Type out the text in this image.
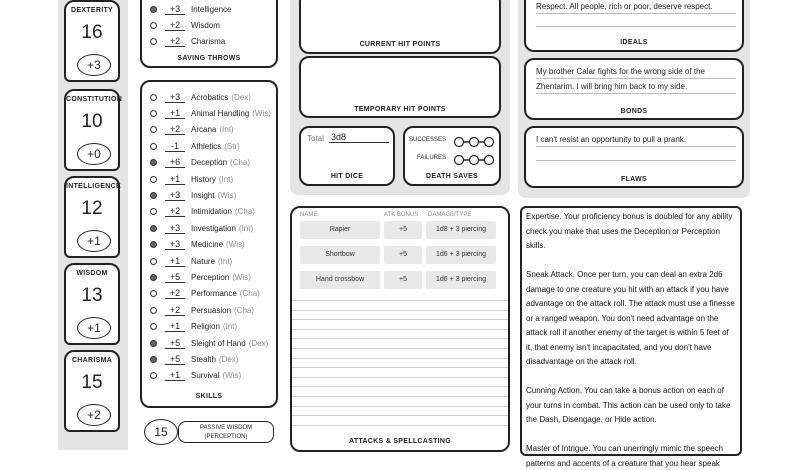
DEXTERITY
16
+3
CONSTITUTION
10
+0
INTELLIGENCE
12
+1
WISDOM
13
+1
CHARISMA
15
+2
+3	Intelligence
+2	Wisdom
+2	Charisma
SAVING THROWS
+3	Acrobatics (Dex)
+1	Animal Handling (Wis)
+2	Arcana (Int)
-1	Athletics (Str)
+6	Deception (Cha)
+1	History (Int)
+3	Insight (Wis)
+2	Intimidation (Cha)
+3	Investigation (Int)
+3	Medicine (Wis)
+1	Nature (Int)
+5	Perception (Wis)
+2	Performance (Cha)
+2	Persuasion (Cha)
+1	Religion (Int)
+5	Sleight of Hand (Dex)
+5	Stealth (Dex)
+1	Survival (Wis)
SKILLS
15	PASSIVE WISDOM
(PERCEPTION)
CURRENT HIT POINTS
TEMPORARY HIT POINTS
Total 3d8
HIT DICE
SUCCESSES
FAILURES
DEATH SAVES
NAME	ATK BONUS DAMAGE/TYPE
Rapier	+5	1d8 + 3 piercing
Shortbow	+5	1d6 + 3 piercing
Hand crossbow	+5	1d6 + 3 piercing
ATTACKS & SPELLCASTING
Respect. All people, rich or poor, deserve respect.
IDEALS
My brother Calar fights for the wrong side of the
Zhentarim. I will bring him back to my side.
BONDS
I can't resist an opportunity to pull a prank.
FLAWS
Expertise. Your proficiency bonus is doubled for any ability
check you make that uses the Deception or Perception
skills.
Sneak Attack. Once per turn, you can deal an extra 2d6
damage to one creature you hit with an attack if you have
advantage on the attack roll. The attack must use a finesse
or a ranged weapon. You don't need advantage on the
attack roll if another enemy of the target is within 5 feet of
it, that enemy isn't incapacitated, and you don't have
disadvantage on the attack roll.
Cunning Action. You can take a bonus action on each of
your turns in combat. This action can be used only to take
the Dash, Disengage, or Hide action.
Master of Intrigue. You can unerringly mimic the speech
patterns and accents of a creature that you hear speak
